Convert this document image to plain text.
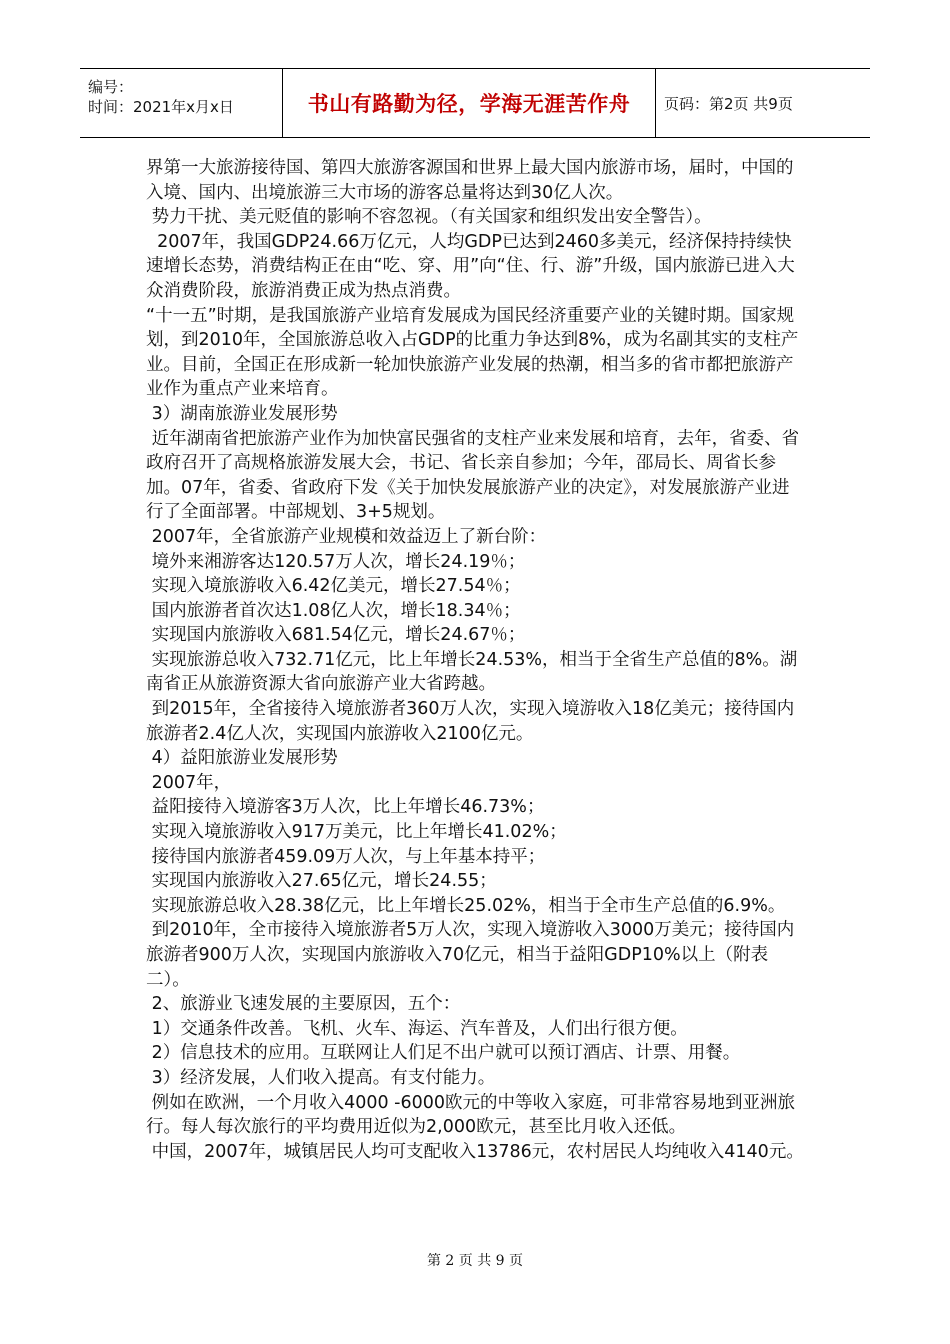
编号：
时间：2021年x月x日	书山有路勤为径，学海无涯苦作舟	页码：第2页 共9页

界第一大旅游接待国、第四大旅游客源国和世界上最大国内旅游市场，届时，中国的入境、国内、出境旅游三大市场的游客总量将达到30亿人次。

势力干扰、美元贬值的影响不容忽视。（有关国家和组织发出安全警告）。

2007年，我国GDP24.66万亿元，人均GDP已达到2460多美元，经济保持持续快速增长态势，消费结构正在由“吃、穿、用”向“住、行、游”升级，国内旅游已进入大众消费阶段，旅游消费正成为热点消费。

“十一五”时期，是我国旅游产业培育发展成为国民经济重要产业的关键时期。国家规划，到2010年，全国旅游总收入占GDP的比重力争达到8%，成为名副其实的支柱产业。目前，全国正在形成新一轮加快旅游产业发展的热潮，相当多的省市都把旅游产业作为重点产业来培育。

3）湖南旅游业发展形势

近年湖南省把旅游产业作为加快富民强省的支柱产业来发展和培育，去年，省委、省政府召开了高规格旅游发展大会，书记、省长亲自参加；今年，邵局长、周省长参加。07年，省委、省政府下发《关于加快发展旅游产业的决定》，对发展旅游产业进行了全面部署。中部规划、3+5规划。

2007年，全省旅游产业规模和效益迈上了新台阶：

境外来湘游客达120.57万人次，增长24.19％；

实现入境旅游收入6.42亿美元，增长27.54％；

国内旅游者首次达1.08亿人次，增长18.34％；

实现国内旅游收入681.54亿元，增长24.67％；

实现旅游总收入732.71亿元，比上年增长24.53%，相当于全省生产总值的8%。湖南省正从旅游资源大省向旅游产业大省跨越。

到2015年，全省接待入境旅游者360万人次，实现入境游收入18亿美元；接待国内旅游者2.4亿人次，实现国内旅游收入2100亿元。

4）益阳旅游业发展形势

2007年，

益阳接待入境游客3万人次，比上年增长46.73%；

实现入境旅游收入917万美元，比上年增长41.02%；

接待国内旅游者459.09万人次，与上年基本持平；

实现国内旅游收入27.65亿元，增长24.55；

实现旅游总收入28.38亿元，比上年增长25.02%，相当于全市生产总值的6.9%。

到2010年，全市接待入境旅游者5万人次，实现入境游收入3000万美元；接待国内旅游者900万人次，实现国内旅游收入70亿元，相当于益阳GDP10%以上（附表二）。

2、旅游业飞速发展的主要原因，五个：

1）交通条件改善。飞机、火车、海运、汽车普及，人们出行很方便。

2）信息技术的应用。互联网让人们足不出户就可以预订酒店、计票、用餐。

3）经济发展，人们收入提高。有支付能力。

例如在欧洲，一个月收入4000 -6000欧元的中等收入家庭，可非常容易地到亚洲旅行。每人每次旅行的平均费用近似为2,000欧元，甚至比月收入还低。

中国，2007年，城镇居民人均可支配收入13786元，农村居民人均纯收入4140元。

第 2 页 共 9 页
